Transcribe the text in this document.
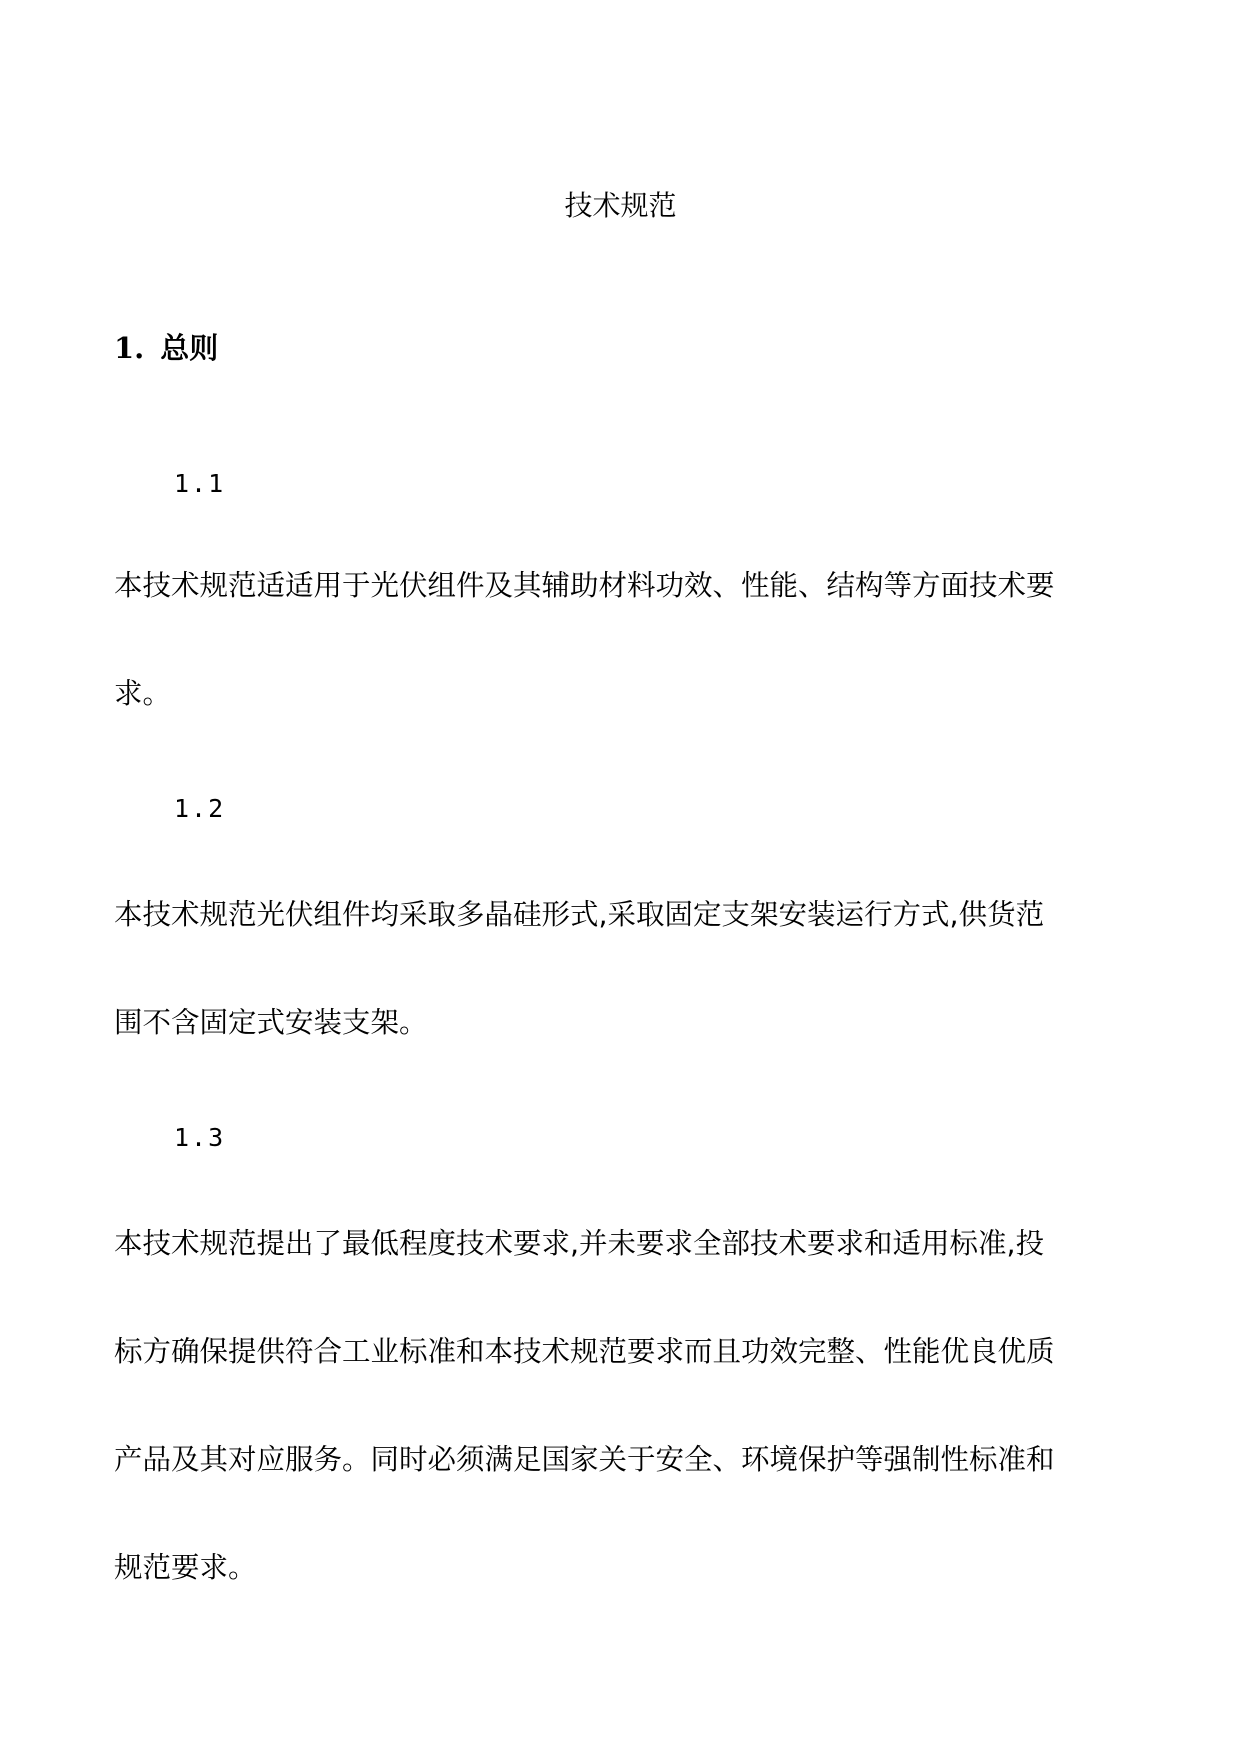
技术规范
1. 总则
1.1
本技术规范适适用于光伏组件及其辅助材料功效、性能、结构等方面技术要
求。
1.2
本技术规范光伏组件均采取多晶硅形式,采取固定支架安装运行方式,供货范
围不含固定式安装支架。
1.3
本技术规范提出了最低程度技术要求,并未要求全部技术要求和适用标准,投
标方确保提供符合工业标准和本技术规范要求而且功效完整、性能优良优质
产品及其对应服务。同时必须满足国家关于安全、环境保护等强制性标准和
规范要求。
